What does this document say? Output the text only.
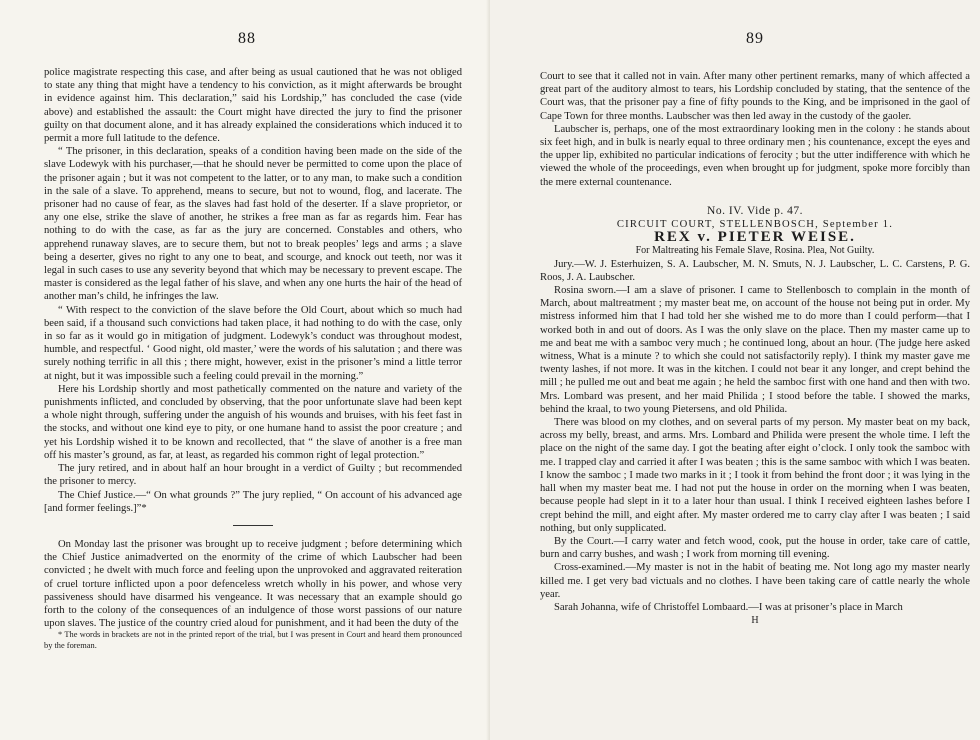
88	89

police magistrate respecting this case, and after being as usual cautioned that he was not obliged to state any thing that might have a tendency to his conviction, as it might afterwards be brought in evidence against him. This declaration,” said his Lordship,” has concluded the case (vide above) and established the assault: the Court might have directed the jury to find the prisoner guilty on that document alone, and it has already explained the considerations which induced it to permit a more full latitude to the defence.

“ The prisoner, in this declaration, speaks of a condition having been made on the side of the slave Lodewyk with his purchaser,—that he should never be permitted to come upon the place of the prisoner again ; but it was not competent to the latter, or to any man, to make such a condition in the sale of a slave. To apprehend, means to secure, but not to wound, flog, and lacerate. The prisoner had no cause of fear, as the slaves had fast hold of the deserter. If a slave proprietor, or any one else, strike the slave of another, he strikes a free man as far as regards him. Fear has nothing to do with the case, as far as the jury are concerned. Constables and others, who apprehend runaway slaves, are to secure them, but not to break peoples’ legs and arms ; a slave being a deserter, gives no right to any one to beat, and scourge, and knock out teeth, nor was it legal in such cases to use any severity beyond that which may be necessary to prevent escape. The master is considered as the legal father of his slave, and when any one hurts the hair of the head of another man’s child, he infringes the law.

“ With respect to the conviction of the slave before the Old Court, about which so much had been said, if a thousand such convictions had taken place, it had nothing to do with the case, only in so far as it would go in mitigation of judgment. Lodewyk’s conduct was throughout modest, humble, and respectful. ‘ Good night, old master,’ were the words of his salutation ; and there was surely nothing terrific in all this ; there might, however, exist in the prisoner’s mind a little terror at night, but it was impossible such a feeling could prevail in the morning.”

Here his Lordship shortly and most pathetically commented on the nature and variety of the punishments inflicted, and concluded by observing, that the poor unfortunate slave had been kept a whole night through, suffering under the anguish of his wounds and bruises, with his feet fast in the stocks, and without one kind eye to pity, or one humane hand to assist the poor creature ; and yet his Lordship wished it to be known and recollected, that “ the slave of another is a free man off his master’s ground, as far, at least, as regarded his common right of legal protection.”

The jury retired, and in about half an hour brought in a verdict of Guilty ; but recommended the prisoner to mercy.

The Chief Justice.—“ On what grounds ?” The jury replied, “ On account of his advanced age [and former feelings.]”*

On Monday last the prisoner was brought up to receive judgment ; before determining which the Chief Justice animadverted on the enormity of the crime of which Laubscher had been convicted ; he dwelt with much force and feeling upon the unprovoked and aggravated reiteration of cruel torture inflicted upon a poor defenceless wretch wholly in his power, and whose very passiveness should have disarmed his vengeance. It was necessary that an example should go forth to the colony of the consequences of an indulgence of those worst passions of our nature upon slaves. The justice of the country cried aloud for punishment, and it had been the duty of the

* The words in brackets are not in the printed report of the trial, but I was present in Court and heard them pronounced by the foreman.

Court to see that it called not in vain. After many other pertinent remarks, many of which affected a great part of the auditory almost to tears, his Lordship concluded by stating, that the sentence of the Court was, that the prisoner pay a fine of fifty pounds to the King, and be imprisoned in the gaol of Cape Town for three months. Laubscher was then led away in the custody of the gaoler.

Laubscher is, perhaps, one of the most extraordinary looking men in the colony : he stands about six feet high, and in bulk is nearly equal to three ordinary men ; his countenance, except the eyes and the upper lip, exhibited no particular indications of ferocity ; but the utter indifference with which he viewed the whole of the proceedings, even when brought up for judgment, spoke more forcibly than the mere external countenance.

No. IV. Vide p. 47.

CIRCUIT COURT, STELLENBOSCH, September 1.

REX v. PIETER WEISE.

For Maltreating his Female Slave, Rosina. Plea, Not Guilty.

Jury.—W. J. Esterhuizen, S. A. Laubscher, M. N. Smuts, N. J. Laubscher, L. C. Carstens, P. G. Roos, J. A. Laubscher.

Rosina sworn.—I am a slave of prisoner. I came to Stellenbosch to complain in the month of March, about maltreatment ; my master beat me, on account of the house not being put in order. My mistress informed him that I had told her she wished me to do more than I could perform—that I worked both in and out of doors. As I was the only slave on the place. Then my master came up to me and beat me with a samboc very much ; he continued long, about an hour. (The judge here asked witness, What is a minute ? to which she could not satisfactorily reply). I think my master gave me twenty lashes, if not more. It was in the kitchen. I could not bear it any longer, and crept behind the mill ; he pulled me out and beat me again ; he held the samboc first with one hand and then with two. Mrs. Lombard was present, and her maid Philida ; I stood before the table. I showed the marks, behind the kraal, to two young Pietersens, and old Philida.

There was blood on my clothes, and on several parts of my person. My master beat on my back, across my belly, breast, and arms. Mrs. Lombard and Philida were present the whole time. I left the place on the night of the same day. I got the beating after eight o’clock. I only took the samboc with me. I trapped clay and carried it after I was beaten ; this is the same samboc with which I was beaten. I know the samboc ; I made two marks in it ; I took it from behind the front door ; it was lying in the hall when my master beat me. I had not put the house in order on the morning when I was beaten, because people had slept in it to a later hour than usual. I think I received eighteen lashes before I crept behind the mill, and eight after. My master ordered me to carry clay after I was beaten ; I said nothing, but only supplicated.

By the Court.—I carry water and fetch wood, cook, put the house in order, take care of cattle, burn and carry bushes, and wash ; I work from morning till evening.

Cross-examined.—My master is not in the habit of beating me. Not long ago my master nearly killed me. I get very bad victuals and no clothes. I have been taking care of cattle nearly the whole year.

Sarah Johanna, wife of Christoffel Lombaard.—I was at prisoner’s place in March

H
